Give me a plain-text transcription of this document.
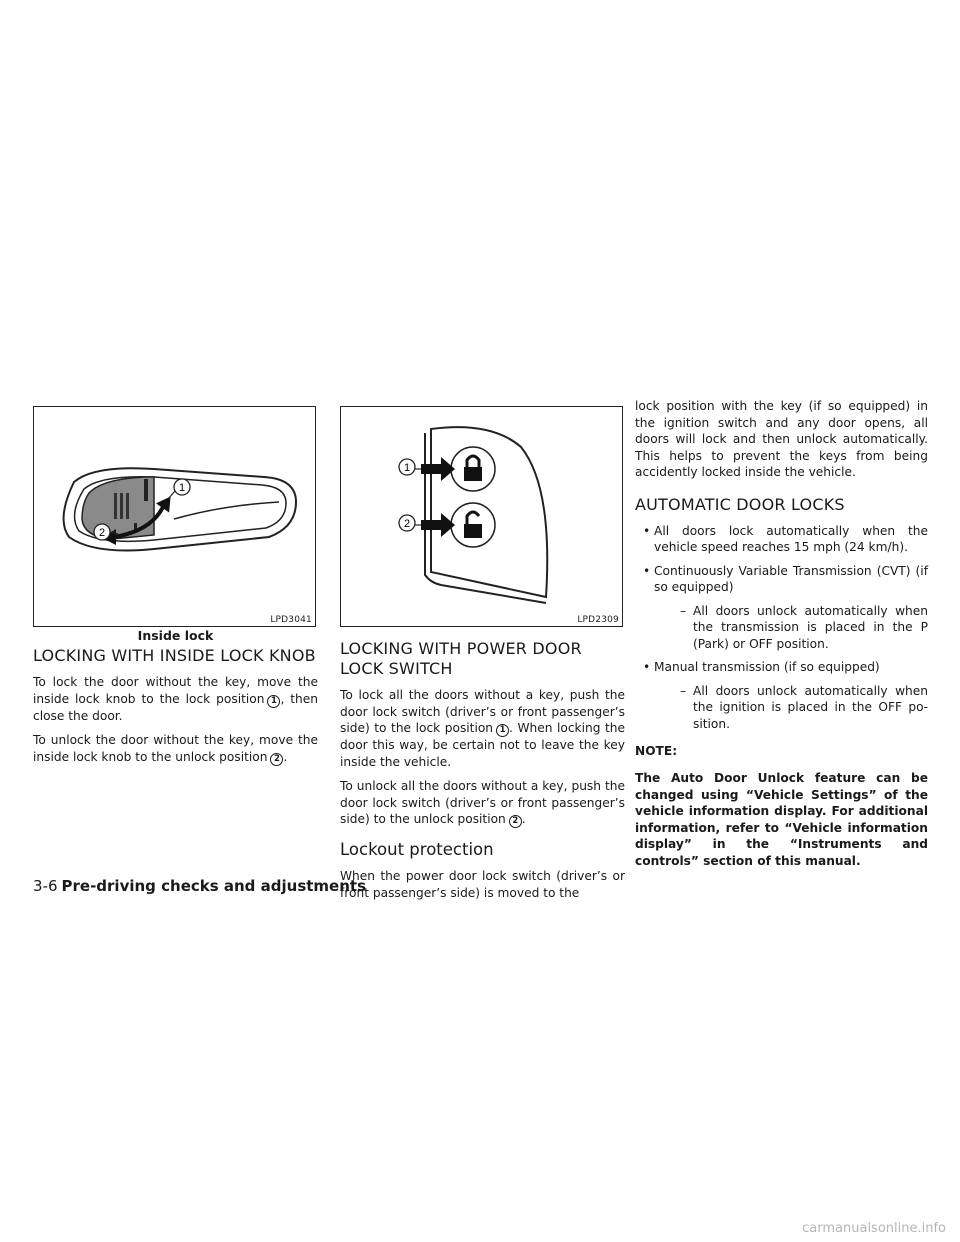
1
2
LPD3041
Inside lock
LOCKING WITH INSIDE LOCK KNOB

To lock the door without the key, move the inside lock knob to the lock position 1 , then close the door.

To unlock the door without the key, move the inside lock knob to the unlock position 2 .

1
2
LPD2309
LOCKING WITH POWER DOOR LOCK SWITCH

To lock all the doors without a key, push the door lock switch (driver’s or front passenger’s side) to the lock position 1 . When locking the door this way, be certain not to leave the key inside the vehicle.

To unlock all the doors without a key, push the door lock switch (driver’s or front passenger’s side) to the unlock position 2 .

Lockout protection

When the power door lock switch (driver’s or front passenger’s side) is moved to the

lock position with the key (if so equipped) in the ignition switch and any door opens, all doors will lock and then unlock automatically. This helps to prevent the keys from being accidently locked inside the vehicle.

AUTOMATIC DOOR LOCKS
• All doors lock automatically when the vehicle speed reaches 15 mph (24 km/h).
• Continuously Variable Transmission (CVT) (if so equipped)
– All doors unlock automatically when the transmission is placed in the P (Park) or OFF position.
• Manual transmission (if so equipped)
– All doors unlock automatically when the ignition is placed in the OFF position.
NOTE:
The Auto Door Unlock feature can be changed using “Vehicle Settings” of the vehicle information display. For additional information, refer to “Vehicle information display” in the “Instruments and controls” section of this manual.
3-6 Pre-driving checks and adjustments
carmanualsonline.info
